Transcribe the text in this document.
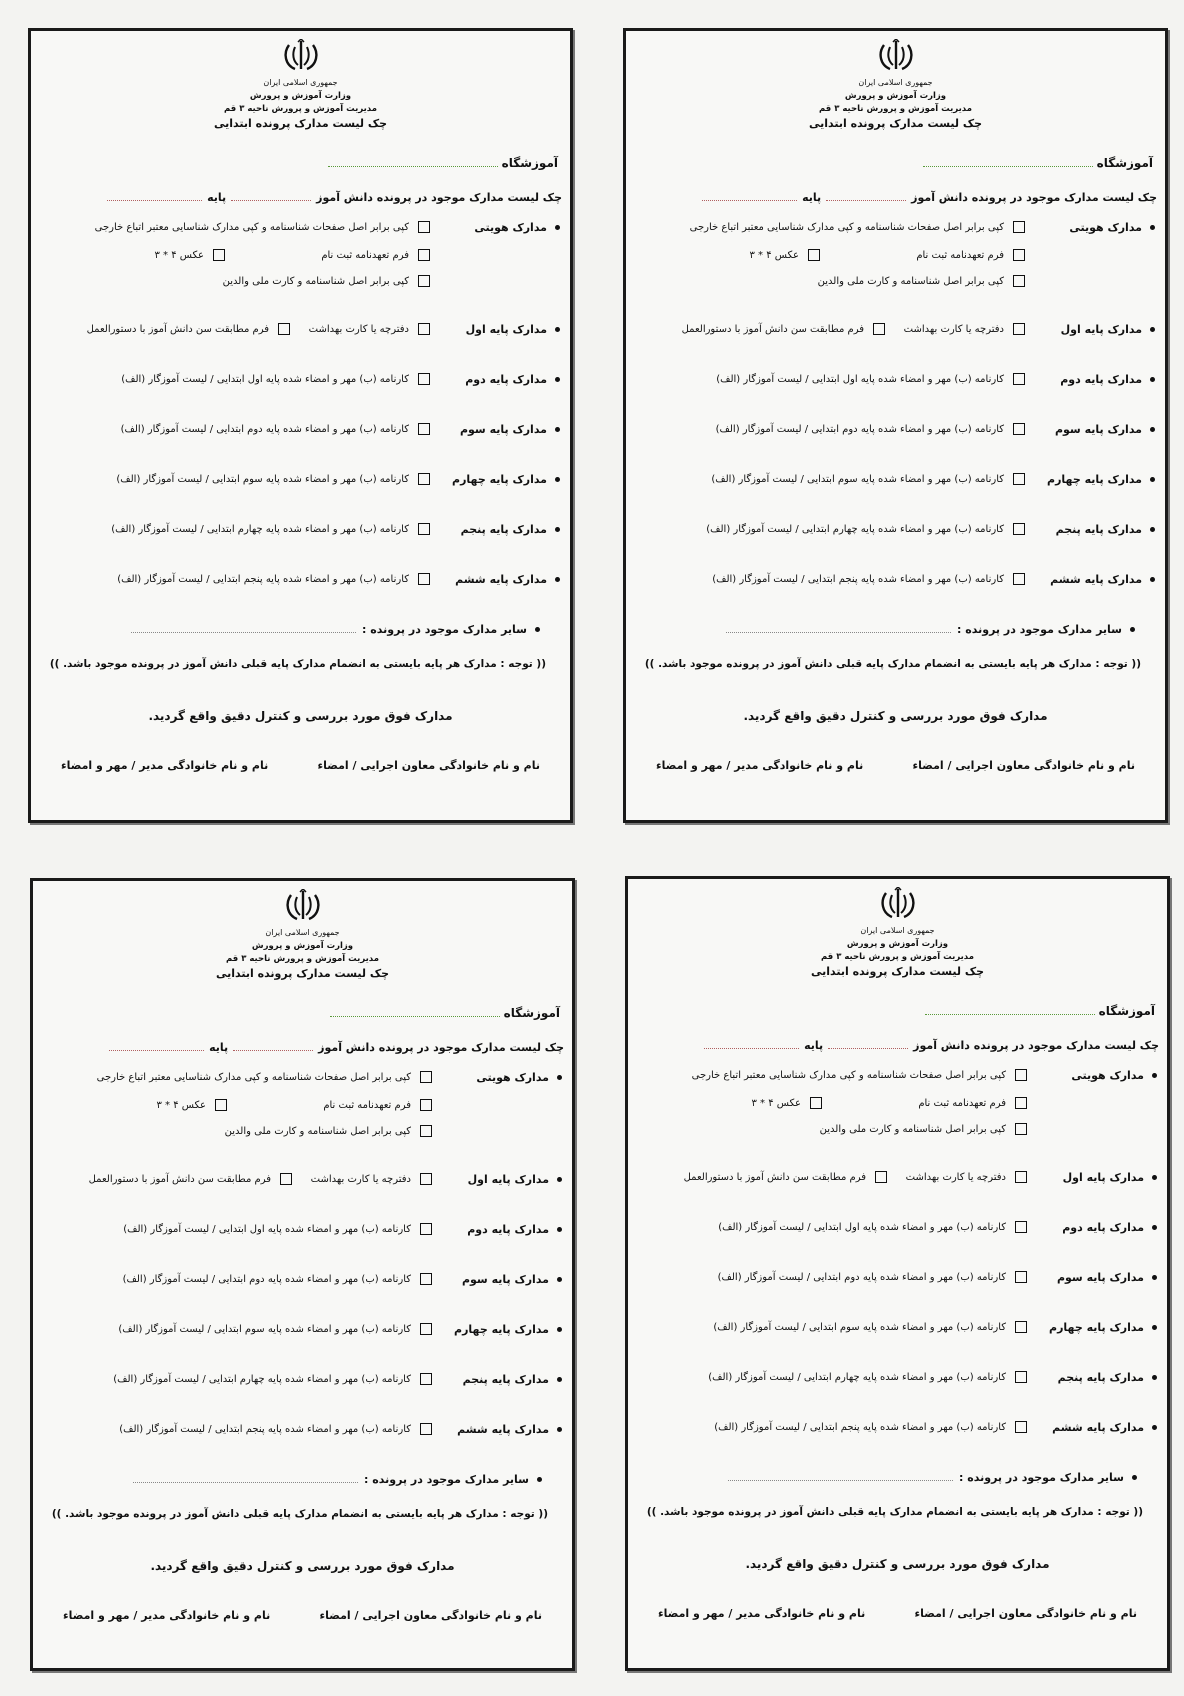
جمهوری اسلامی ایران
وزارت آموزش و پرورش
مدیریت آموزش و پرورش ناحیه ۳ قم
چک لیست مدارک پرونده ابتدایی
آموزشگاه
چک لیست مدارک موجود در پرونده دانش آموز
پایه
مدارک هویتی
کپی برابر اصل صفحات شناسنامه و کپی مدارک شناسایی معتبر اتباع خارجی
فرم تعهدنامه ثبت نام
عکس ۴ * ۳
کپی برابر اصل شناسنامه و کارت ملی والدین
مدارک پایه اول
دفترچه یا کارت بهداشت
فرم مطابقت سن دانش آموز با دستورالعمل
مدارک پایه دوم
کارنامه (ب) مهر و امضاء شده پایه اول ابتدایی / لیست آموزگار (الف)
مدارک پایه سوم
کارنامه (ب) مهر و امضاء شده پایه دوم ابتدایی / لیست آموزگار (الف)
مدارک پایه چهارم
کارنامه (ب) مهر و امضاء شده پایه سوم ابتدایی / لیست آموزگار (الف)
مدارک پایه پنجم
کارنامه (ب) مهر و امضاء شده پایه چهارم ابتدایی / لیست آموزگار (الف)
مدارک پایه ششم
کارنامه (ب) مهر و امضاء شده پایه پنجم ابتدایی / لیست آموزگار (الف)
سایر مدارک موجود در پرونده :
(( توجه : مدارک هر پایه بایستی به انضمام مدارک پایه قبلی دانش آموز در پرونده موجود باشد. ))
مدارک فوق مورد بررسی و کنترل دقیق واقع گردید.
نام و نام خانوادگی معاون اجرایی / امضاء
نام و نام خانوادگی مدیر / مهر و امضاء
جمهوری اسلامی ایران
وزارت آموزش و پرورش
مدیریت آموزش و پرورش ناحیه ۳ قم
چک لیست مدارک پرونده ابتدایی
آموزشگاه
چک لیست مدارک موجود در پرونده دانش آموز
پایه
مدارک هویتی
کپی برابر اصل صفحات شناسنامه و کپی مدارک شناسایی معتبر اتباع خارجی
فرم تعهدنامه ثبت نام
عکس ۴ * ۳
کپی برابر اصل شناسنامه و کارت ملی والدین
مدارک پایه اول
دفترچه یا کارت بهداشت
فرم مطابقت سن دانش آموز با دستورالعمل
مدارک پایه دوم
کارنامه (ب) مهر و امضاء شده پایه اول ابتدایی / لیست آموزگار (الف)
مدارک پایه سوم
کارنامه (ب) مهر و امضاء شده پایه دوم ابتدایی / لیست آموزگار (الف)
مدارک پایه چهارم
کارنامه (ب) مهر و امضاء شده پایه سوم ابتدایی / لیست آموزگار (الف)
مدارک پایه پنجم
کارنامه (ب) مهر و امضاء شده پایه چهارم ابتدایی / لیست آموزگار (الف)
مدارک پایه ششم
کارنامه (ب) مهر و امضاء شده پایه پنجم ابتدایی / لیست آموزگار (الف)
سایر مدارک موجود در پرونده :
(( توجه : مدارک هر پایه بایستی به انضمام مدارک پایه قبلی دانش آموز در پرونده موجود باشد. ))
مدارک فوق مورد بررسی و کنترل دقیق واقع گردید.
نام و نام خانوادگی معاون اجرایی / امضاء
نام و نام خانوادگی مدیر / مهر و امضاء
جمهوری اسلامی ایران
وزارت آموزش و پرورش
مدیریت آموزش و پرورش ناحیه ۳ قم
چک لیست مدارک پرونده ابتدایی
آموزشگاه
چک لیست مدارک موجود در پرونده دانش آموز
پایه
مدارک هویتی
کپی برابر اصل صفحات شناسنامه و کپی مدارک شناسایی معتبر اتباع خارجی
فرم تعهدنامه ثبت نام
عکس ۴ * ۳
کپی برابر اصل شناسنامه و کارت ملی والدین
مدارک پایه اول
دفترچه یا کارت بهداشت
فرم مطابقت سن دانش آموز با دستورالعمل
مدارک پایه دوم
کارنامه (ب) مهر و امضاء شده پایه اول ابتدایی / لیست آموزگار (الف)
مدارک پایه سوم
کارنامه (ب) مهر و امضاء شده پایه دوم ابتدایی / لیست آموزگار (الف)
مدارک پایه چهارم
کارنامه (ب) مهر و امضاء شده پایه سوم ابتدایی / لیست آموزگار (الف)
مدارک پایه پنجم
کارنامه (ب) مهر و امضاء شده پایه چهارم ابتدایی / لیست آموزگار (الف)
مدارک پایه ششم
کارنامه (ب) مهر و امضاء شده پایه پنجم ابتدایی / لیست آموزگار (الف)
سایر مدارک موجود در پرونده :
(( توجه : مدارک هر پایه بایستی به انضمام مدارک پایه قبلی دانش آموز در پرونده موجود باشد. ))
مدارک فوق مورد بررسی و کنترل دقیق واقع گردید.
نام و نام خانوادگی معاون اجرایی / امضاء
نام و نام خانوادگی مدیر / مهر و امضاء
جمهوری اسلامی ایران
وزارت آموزش و پرورش
مدیریت آموزش و پرورش ناحیه ۳ قم
چک لیست مدارک پرونده ابتدایی
آموزشگاه
چک لیست مدارک موجود در پرونده دانش آموز
پایه
مدارک هویتی
کپی برابر اصل صفحات شناسنامه و کپی مدارک شناسایی معتبر اتباع خارجی
فرم تعهدنامه ثبت نام
عکس ۴ * ۳
کپی برابر اصل شناسنامه و کارت ملی والدین
مدارک پایه اول
دفترچه یا کارت بهداشت
فرم مطابقت سن دانش آموز با دستورالعمل
مدارک پایه دوم
کارنامه (ب) مهر و امضاء شده پایه اول ابتدایی / لیست آموزگار (الف)
مدارک پایه سوم
کارنامه (ب) مهر و امضاء شده پایه دوم ابتدایی / لیست آموزگار (الف)
مدارک پایه چهارم
کارنامه (ب) مهر و امضاء شده پایه سوم ابتدایی / لیست آموزگار (الف)
مدارک پایه پنجم
کارنامه (ب) مهر و امضاء شده پایه چهارم ابتدایی / لیست آموزگار (الف)
مدارک پایه ششم
کارنامه (ب) مهر و امضاء شده پایه پنجم ابتدایی / لیست آموزگار (الف)
سایر مدارک موجود در پرونده :
(( توجه : مدارک هر پایه بایستی به انضمام مدارک پایه قبلی دانش آموز در پرونده موجود باشد. ))
مدارک فوق مورد بررسی و کنترل دقیق واقع گردید.
نام و نام خانوادگی معاون اجرایی / امضاء
نام و نام خانوادگی مدیر / مهر و امضاء
